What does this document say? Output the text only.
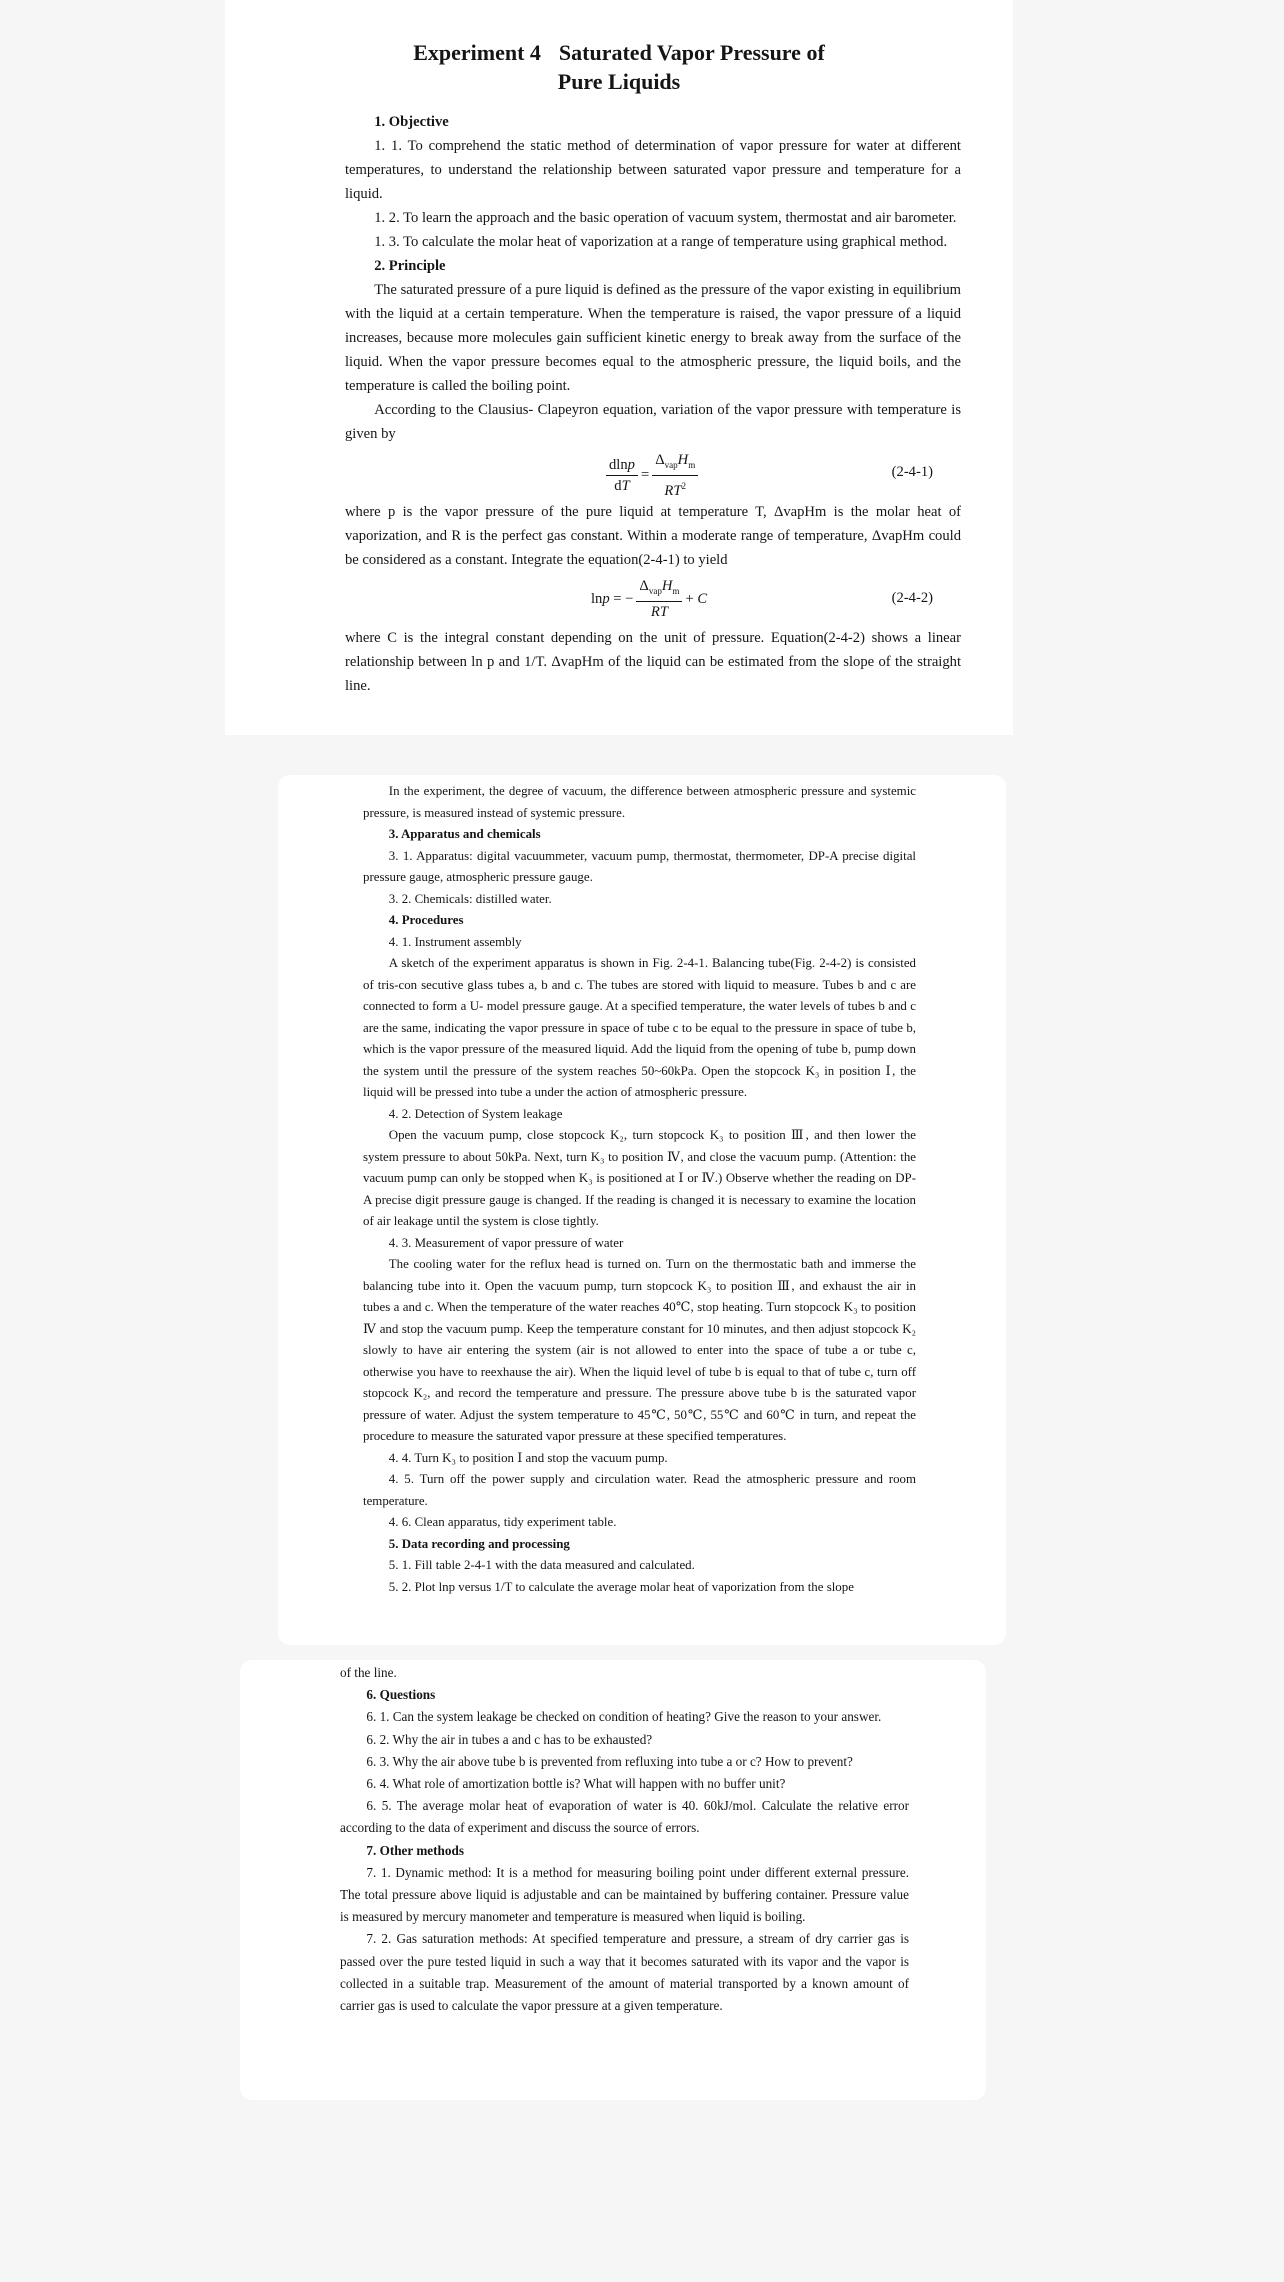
Experiment 4 Saturated Vapor Pressure of
Pure Liquids
1. Objective

1. 1. To comprehend the static method of determination of vapor pressure for water at different temperatures, to understand the relationship between saturated vapor pressure and temperature for a liquid.

1. 2. To learn the approach and the basic operation of vacuum system, thermostat and air barometer.

1. 3. To calculate the molar heat of vaporization at a range of temperature using graphical method.

2. Principle

The saturated pressure of a pure liquid is defined as the pressure of the vapor existing in equilibrium with the liquid at a certain temperature. When the temperature is raised, the vapor pressure of a liquid increases, because more molecules gain sufficient kinetic energy to break away from the surface of the liquid. When the vapor pressure becomes equal to the atmospheric pressure, the liquid boils, and the temperature is called the boiling point.

According to the Clausius- Clapeyron equation, variation of the vapor pressure with temperature is given by

$\frac{dlnp}{dT} = \frac{\Delta_{vap}H_m}{RT^2}$	(2-4-1)

where p is the vapor pressure of the pure liquid at temperature T, ΔvapHm is the molar heat of vaporization, and R is the perfect gas constant. Within a moderate range of temperature, ΔvapHm could be considered as a constant. Integrate the equation(2-4-1) to yield

lnp = − $\frac{\Delta_{vap}H_m}{RT} + C$	(2-4-2)

where C is the integral constant depending on the unit of pressure. Equation(2-4-2) shows a linear relationship between ln p and 1/T. ΔvapHm of the liquid can be estimated from the slope of the straight line.

In the experiment, the degree of vacuum, the difference between atmospheric pressure and systemic pressure, is measured instead of systemic pressure.

3. Apparatus and chemicals

3. 1. Apparatus: digital vacuummeter, vacuum pump, thermostat, thermometer, DP-A precise digital pressure gauge, atmospheric pressure gauge.

3. 2. Chemicals: distilled water.

4. Procedures

4. 1. Instrument assembly

A sketch of the experiment apparatus is shown in Fig. 2-4-1. Balancing tube(Fig. 2-4-2) is consisted of tris-con secutive glass tubes a, b and c. The tubes are stored with liquid to measure. Tubes b and c are connected to form a U- model pressure gauge. At a specified temperature, the water levels of tubes b and c are the same, indicating the vapor pressure in space of tube c to be equal to the pressure in space of tube b, which is the vapor pressure of the measured liquid. Add the liquid from the opening of tube b, pump down the system until the pressure of the system reaches 50~60kPa. Open the stopcock K₃ in position Ⅰ, the liquid will be pressed into tube a under the action of atmospheric pressure.

4. 2. Detection of System leakage

Open the vacuum pump, close stopcock K₂, turn stopcock K₃ to position Ⅲ, and then lower the system pressure to about 50kPa. Next, turn K₃ to position Ⅳ, and close the vacuum pump. (Attention: the vacuum pump can only be stopped when K₃ is positioned at Ⅰ or Ⅳ.) Observe whether the reading on DP-A precise digit pressure gauge is changed. If the reading is changed it is necessary to examine the location of air leakage until the system is close tightly.

4. 3. Measurement of vapor pressure of water

The cooling water for the reflux head is turned on. Turn on the thermostatic bath and immerse the balancing tube into it. Open the vacuum pump, turn stopcock K₃ to position Ⅲ, and exhaust the air in tubes a and c. When the temperature of the water reaches 40℃, stop heating. Turn stopcock K₃ to position Ⅳ and stop the vacuum pump. Keep the temperature constant for 10 minutes, and then adjust stopcock K₂ slowly to have air entering the system (air is not allowed to enter into the space of tube a or tube c, otherwise you have to reexhause the air). When the liquid level of tube b is equal to that of tube c, turn off stopcock K₂, and record the temperature and pressure. The pressure above tube b is the saturated vapor pressure of water. Adjust the system temperature to 45℃, 50℃, 55℃ and 60℃ in turn, and repeat the procedure to measure the saturated vapor pressure at these specified temperatures.

4. 4. Turn K₃ to position Ⅰ and stop the vacuum pump.

4. 5. Turn off the power supply and circulation water. Read the atmospheric pressure and room temperature.

4. 6. Clean apparatus, tidy experiment table.

5. Data recording and processing

5. 1. Fill table 2-4-1 with the data measured and calculated.

5. 2. Plot lnp versus 1/T to calculate the average molar heat of vaporization from the slope

of the line.

6. Questions

6. 1. Can the system leakage be checked on condition of heating? Give the reason to your answer.

6. 2. Why the air in tubes a and c has to be exhausted?

6. 3. Why the air above tube b is prevented from refluxing into tube a or c? How to prevent?

6. 4. What role of amortization bottle is? What will happen with no buffer unit?

6. 5. The average molar heat of evaporation of water is 40. 60kJ/mol. Calculate the relative error according to the data of experiment and discuss the source of errors.

7. Other methods

7. 1. Dynamic method: It is a method for measuring boiling point under different external pressure. The total pressure above liquid is adjustable and can be maintained by buffering container. Pressure value is measured by mercury manometer and temperature is measured when liquid is boiling.

7. 2. Gas saturation methods: At specified temperature and pressure, a stream of dry carrier gas is passed over the pure tested liquid in such a way that it becomes saturated with its vapor and the vapor is collected in a suitable trap. Measurement of the amount of material transported by a known amount of carrier gas is used to calculate the vapor pressure at a given temperature.
